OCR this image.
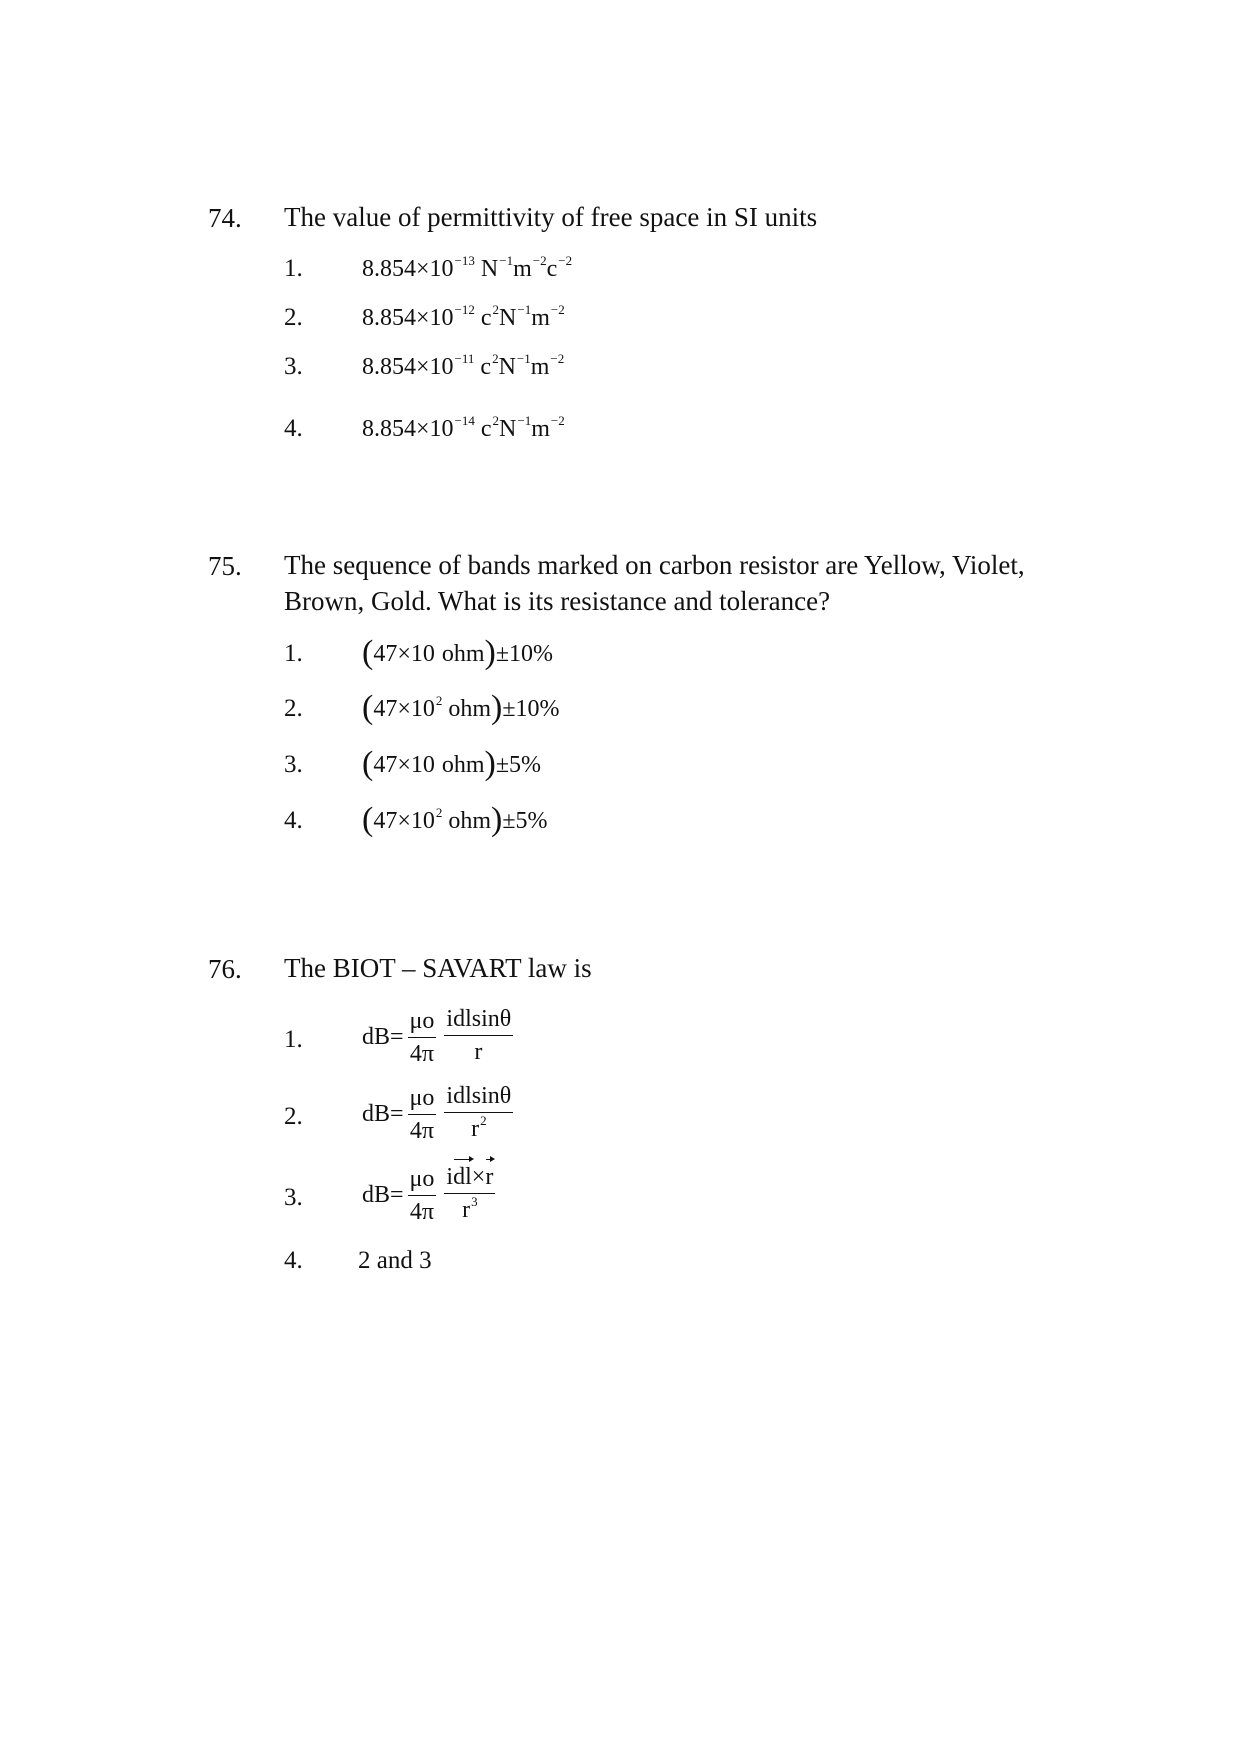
74. The value of permittivity of free space in SI units
1. $8.854\times 10^{-13}$ $N^{-1}m^{-2}c^{-2}$
2. $8.854\times 10^{-12}$ $c^2N^{-1}m^{-2}$
3. $8.854\times 10^{-11}$ $c^2N^{-1}m^{-2}$
4. $8.854\times 10^{-14}$ $c^2N^{-1}m^{-2}$
75. The sequence of bands marked on carbon resistor are Yellow, Violet, Brown, Gold. What is its resistance and tolerance?
1. (47×10 ohm)±10%
2. ($47\times 10^2$ ohm)±10%
3. (47×10 ohm)±5%
4. ($47\times 10^2$ ohm)±5%
76. The BIOT – SAVART law is
1. $dB= \frac{\mu o}{4\pi} \frac{\text{idlsinθ}}{r}$
2. $dB= \frac{\mu o}{4\pi} \frac{\text{idlsinθ}}{r^2}$
3. $dB= \frac{\mu o}{4\pi} \frac{\text{idl×r}}{r^3}$
4. 2 and 3
